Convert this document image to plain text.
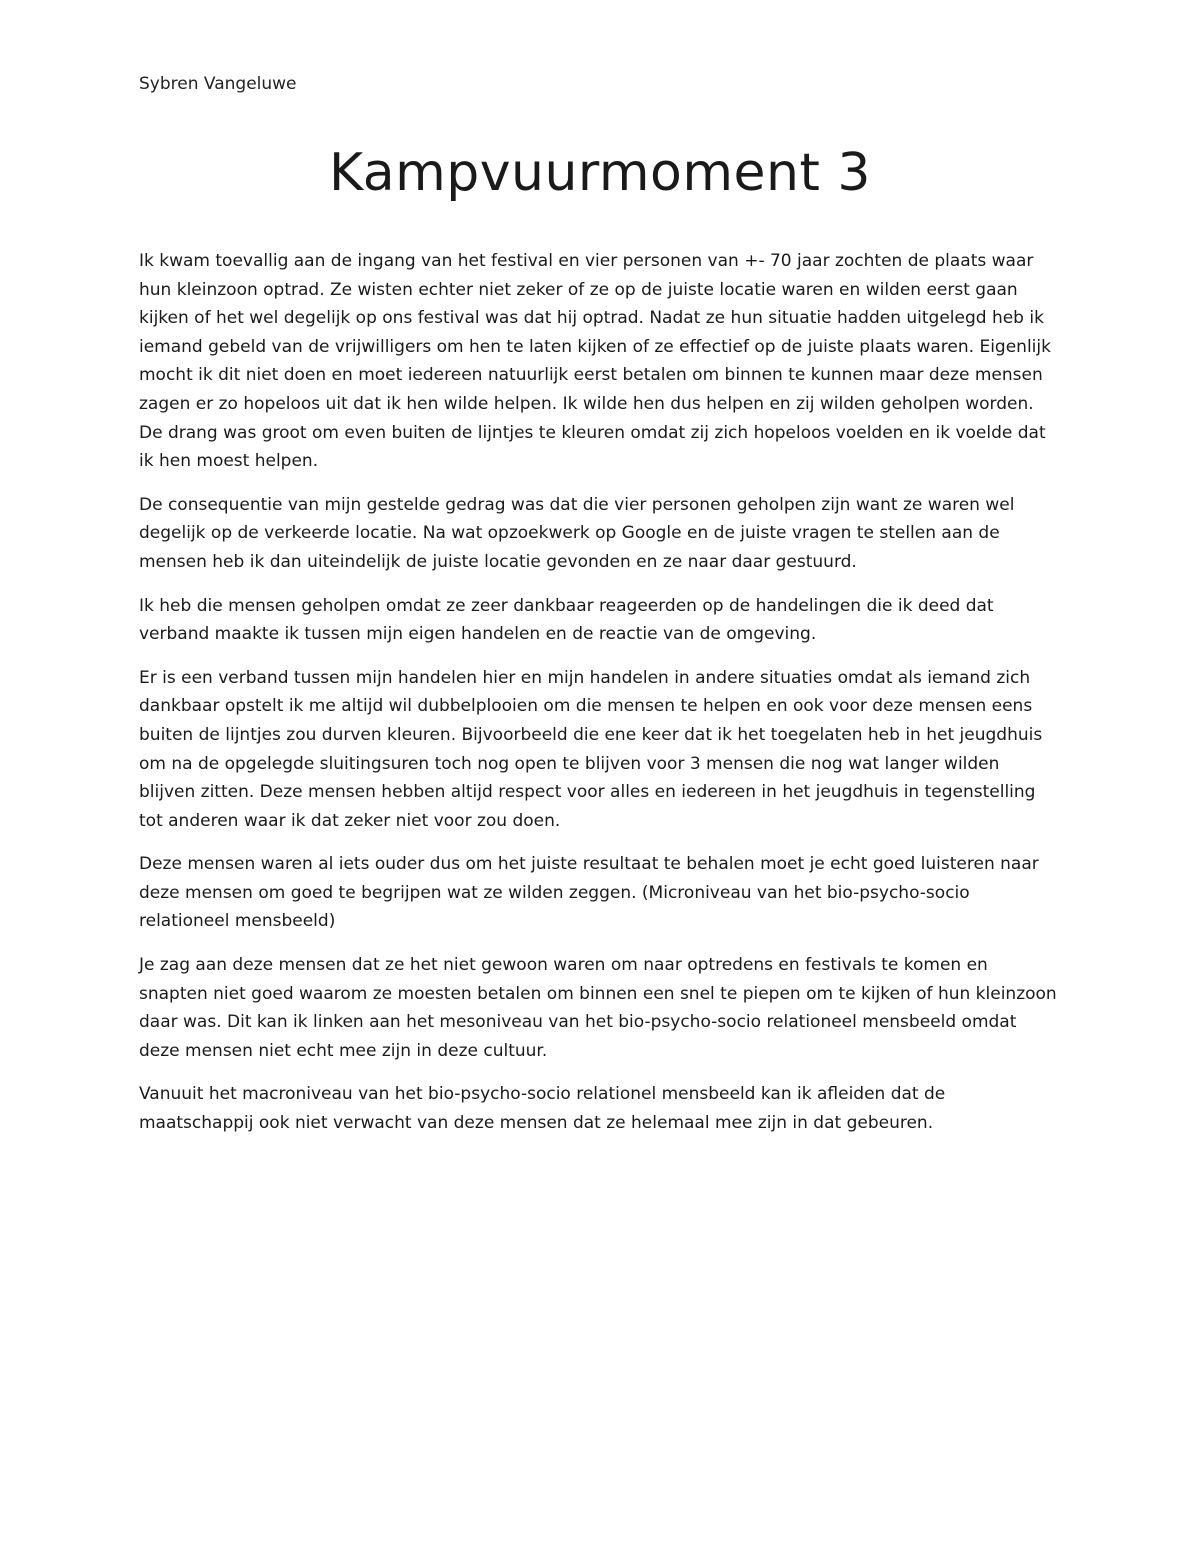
Sybren Vangeluwe
Kampvuurmoment 3

Ik kwam toevallig aan de ingang van het festival en vier personen van +- 70 jaar zochten de plaats waar hun kleinzoon optrad. Ze wisten echter niet zeker of ze op de juiste locatie waren en wilden eerst gaan kijken of het wel degelijk op ons festival was dat hij optrad. Nadat ze hun situatie hadden uitgelegd heb ik iemand gebeld van de vrijwilligers om hen te laten kijken of ze effectief op de juiste plaats waren. Eigenlijk mocht ik dit niet doen en moet iedereen natuurlijk eerst betalen om binnen te kunnen maar deze mensen zagen er zo hopeloos uit dat ik hen wilde helpen. Ik wilde hen dus helpen en zij wilden geholpen worden. De drang was groot om even buiten de lijntjes te kleuren omdat zij zich hopeloos voelden en ik voelde dat ik hen moest helpen.

De consequentie van mijn gestelde gedrag was dat die vier personen geholpen zijn want ze waren wel degelijk op de verkeerde locatie. Na wat opzoekwerk op Google en de juiste vragen te stellen aan de mensen heb ik dan uiteindelijk de juiste locatie gevonden en ze naar daar gestuurd.

Ik heb die mensen geholpen omdat ze zeer dankbaar reageerden op de handelingen die ik deed dat verband maakte ik tussen mijn eigen handelen en de reactie van de omgeving.

Er is een verband tussen mijn handelen hier en mijn handelen in andere situaties omdat als iemand zich dankbaar opstelt ik me altijd wil dubbelplooien om die mensen te helpen en ook voor deze mensen eens buiten de lijntjes zou durven kleuren. Bijvoorbeeld die ene keer dat ik het toegelaten heb in het jeugdhuis om na de opgelegde sluitingsuren toch nog open te blijven voor 3 mensen die nog wat langer wilden blijven zitten. Deze mensen hebben altijd respect voor alles en iedereen in het jeugdhuis in tegenstelling tot anderen waar ik dat zeker niet voor zou doen.

Deze mensen waren al iets ouder dus om het juiste resultaat te behalen moet je echt goed luisteren naar deze mensen om goed te begrijpen wat ze wilden zeggen. (Microniveau van het bio-psycho-socio relationeel mensbeeld)

Je zag aan deze mensen dat ze het niet gewoon waren om naar optredens en festivals te komen en snapten niet goed waarom ze moesten betalen om binnen een snel te piepen om te kijken of hun kleinzoon daar was. Dit kan ik linken aan het mesoniveau van het bio-psycho-socio relationeel mensbeeld omdat deze mensen niet echt mee zijn in deze cultuur.

Vanuuit het macroniveau van het bio-psycho-socio relationel mensbeeld kan ik afleiden dat de maatschappij ook niet verwacht van deze mensen dat ze helemaal mee zijn in dat gebeuren.
